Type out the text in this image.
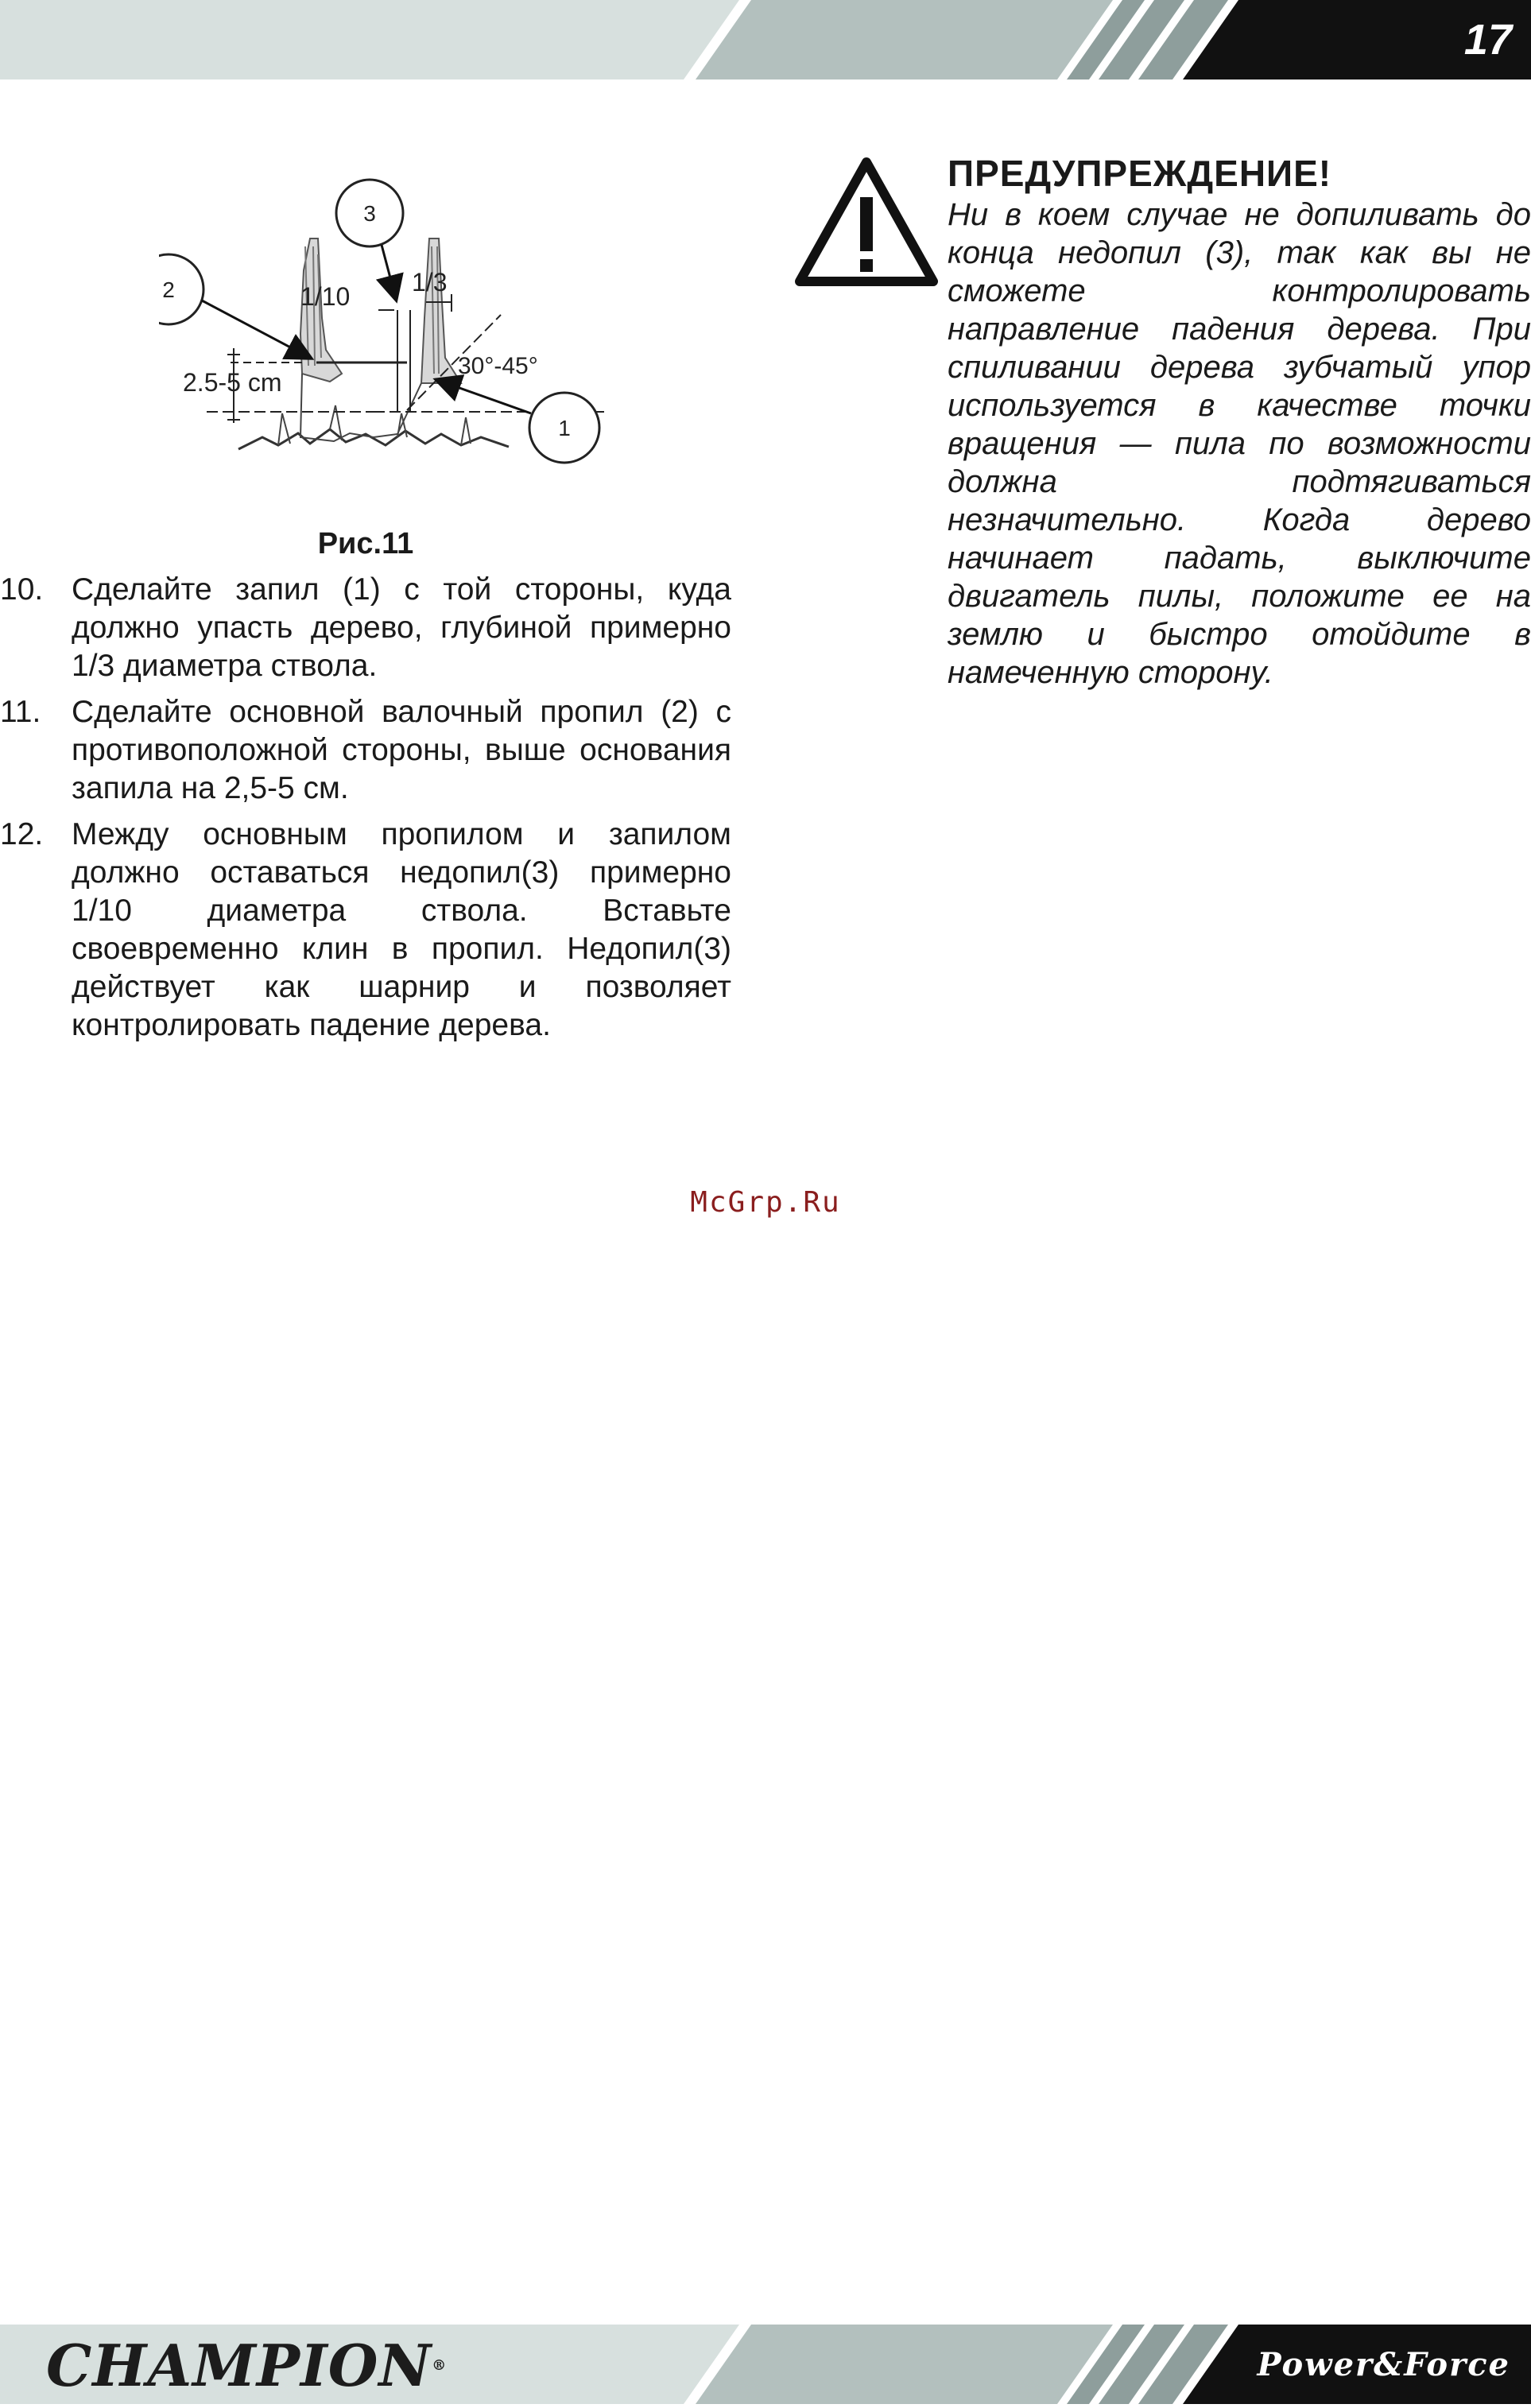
17
1/10 1/3
2.5-5 cm
30°-45°
3
2
1
Рис.11
10. Сделайте запил (1) с той стороны, куда должно упасть дерево, глубиной примерно 1/3 диаметра ствола.
11. Сделайте основной валочный пропил (2) с противоположной стороны, выше основания запила на 2,5-5 см.
12. Между основным пропилом и запилом должно оставаться недопил(3) примерно 1/10 диаметра ствола. Вставьте своевременно клин в пропил. Недопил(3) действует как шарнир и позволяет контролировать падение дерева.
ПРЕДУПРЕЖДЕНИЕ!
Ни в коем случае не допиливать до конца недопил (3), так как вы не сможете контролировать направление падения дерева. При спиливании дерева зубчатый упор используется в качестве точки вращения — пила по возможности должна подтягиваться незначительно. Когда дерево начинает падать, выключите двигатель пилы, положите ее на землю и быстро отойдите в намеченную сторону.
McGrp.Ru
CHAMPION®	Power&Force
